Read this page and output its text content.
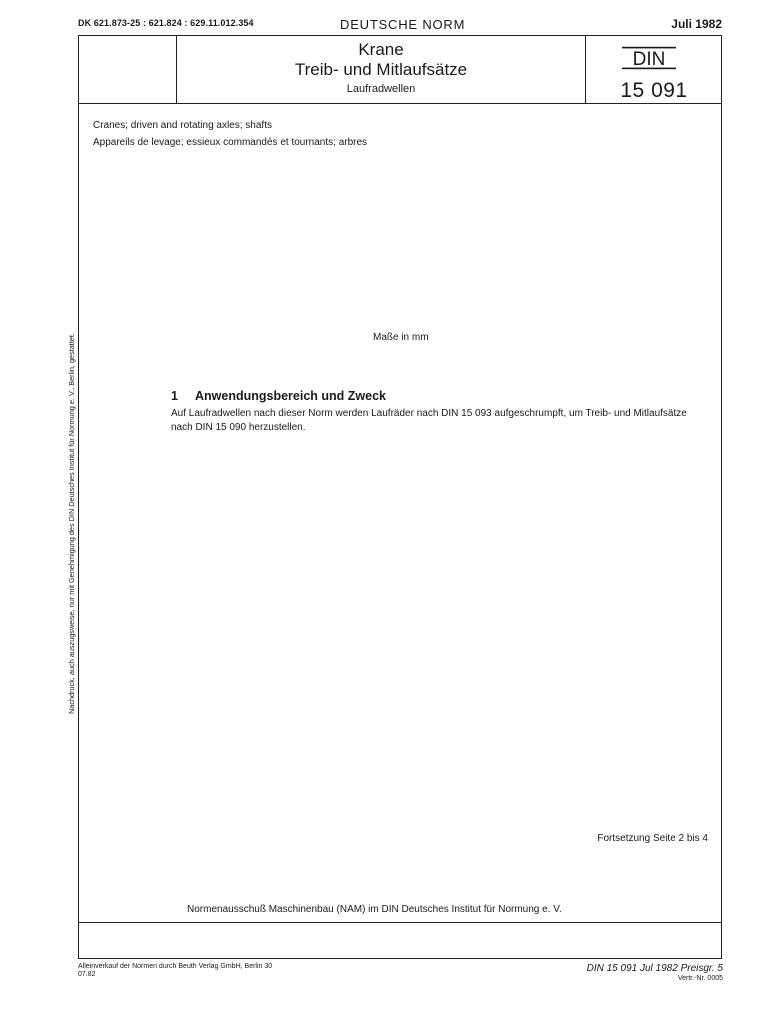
DK 621.873-25 : 621.824 : 629.11.012.354	DEUTSCHE NORM	Juli 1982
Krane
Treib- und Mitlaufsätze
Laufradwellen
DIN
15 091
Cranes; driven and rotating axles; shafts
Appareils de levage; essieux commandés et tournants; arbres
Maße in mm
1 Anwendungsbereich und Zweck
Auf Laufradwellen nach dieser Norm werden Laufräder nach DIN 15 093 aufgeschrumpft, um Treib- und Mitlaufsätze nach DIN 15 090 herzustellen.
Fortsetzung Seite 2 bis 4
Normenausschuß Maschinenbau (NAM) im DIN Deutsches Institut für Normung e. V.
Nachdruck, auch auszugsweise, nur mit Genehmigung des DIN Deutsches Institut für Normung e. V., Berlin, gestattet.
Alleinverkauf der Normen durch Beuth Verlag GmbH, Berlin 30
07.82
DIN 15 091 Jul 1982 Preisgr. 5
Vertr.-Nr. 0005
